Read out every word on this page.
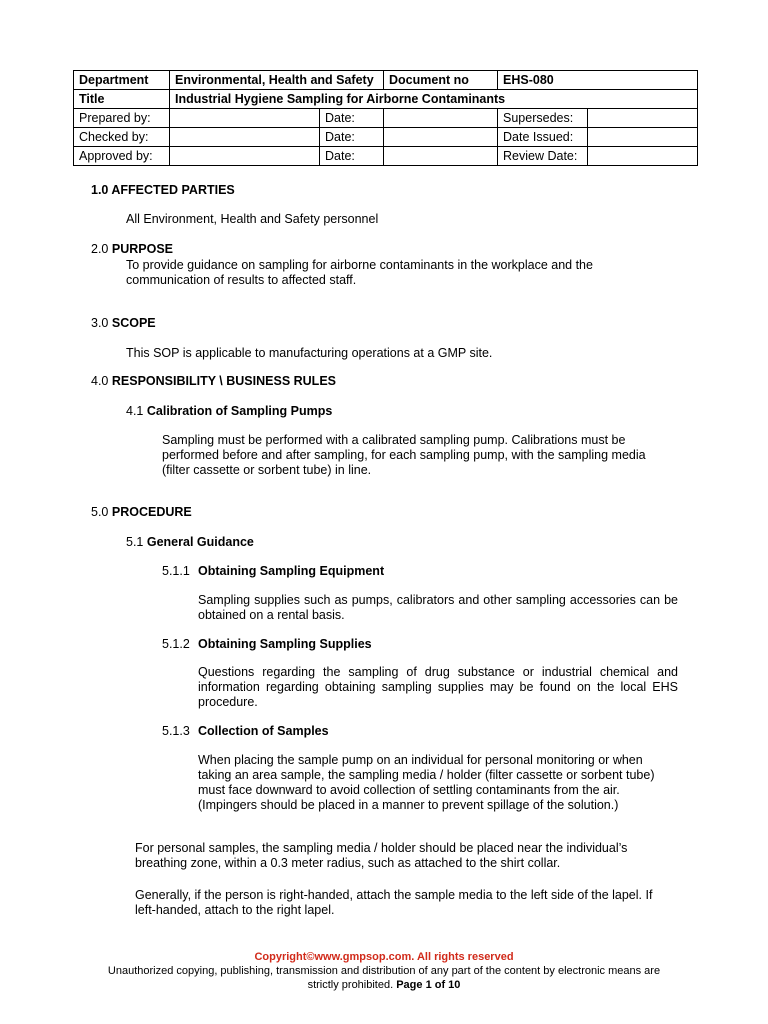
Department	Environmental, Health and Safety		Document no	EHS-080	
Title	Industrial Hygiene Sampling for Airborne Contaminants				
Prepared by:		Date:		Supersedes:	
Checked by:		Date:		Date Issued:	
Approved by:		Date:		Review Date:	
1.0 AFFECTED PARTIES
All Environment, Health and Safety personnel
2.0 PURPOSE
To provide guidance on sampling for airborne contaminants in the workplace and the
communication of results to affected staff.
3.0 SCOPE
This SOP is applicable to manufacturing operations at a GMP site.
4.0 RESPONSIBILITY \ BUSINESS RULES
4.1 Calibration of Sampling Pumps
Sampling must be performed with a calibrated sampling pump. Calibrations must be
performed before and after sampling, for each sampling pump, with the sampling media
(filter cassette or sorbent tube) in line.
5.0 PROCEDURE
5.1 General Guidance
5.1.1 Obtaining Sampling Equipment
Sampling supplies such as pumps, calibrators and other sampling accessories can be
obtained on a rental basis.
5.1.2 Obtaining Sampling Supplies
Questions regarding the sampling of drug substance or industrial chemical and
information regarding obtaining sampling supplies may be found on the local EHS
procedure.
5.1.3 Collection of Samples
When placing the sample pump on an individual for personal monitoring or when
taking an area sample, the sampling media / holder (filter cassette or sorbent tube)
must face downward to avoid collection of settling contaminants from the air.
(Impingers should be placed in a manner to prevent spillage of the solution.)
For personal samples, the sampling media / holder should be placed near the individual’s
breathing zone, within a 0.3 meter radius, such as attached to the shirt collar.
Generally, if the person is right-handed, attach the sample media to the left side of the lapel. If
left-handed, attach to the right lapel.
Copyright©www.gmpsop.com. All rights reserved
Unauthorized copying, publishing, transmission and distribution of any part of the content by electronic means are
strictly prohibited. Page 1 of 10
